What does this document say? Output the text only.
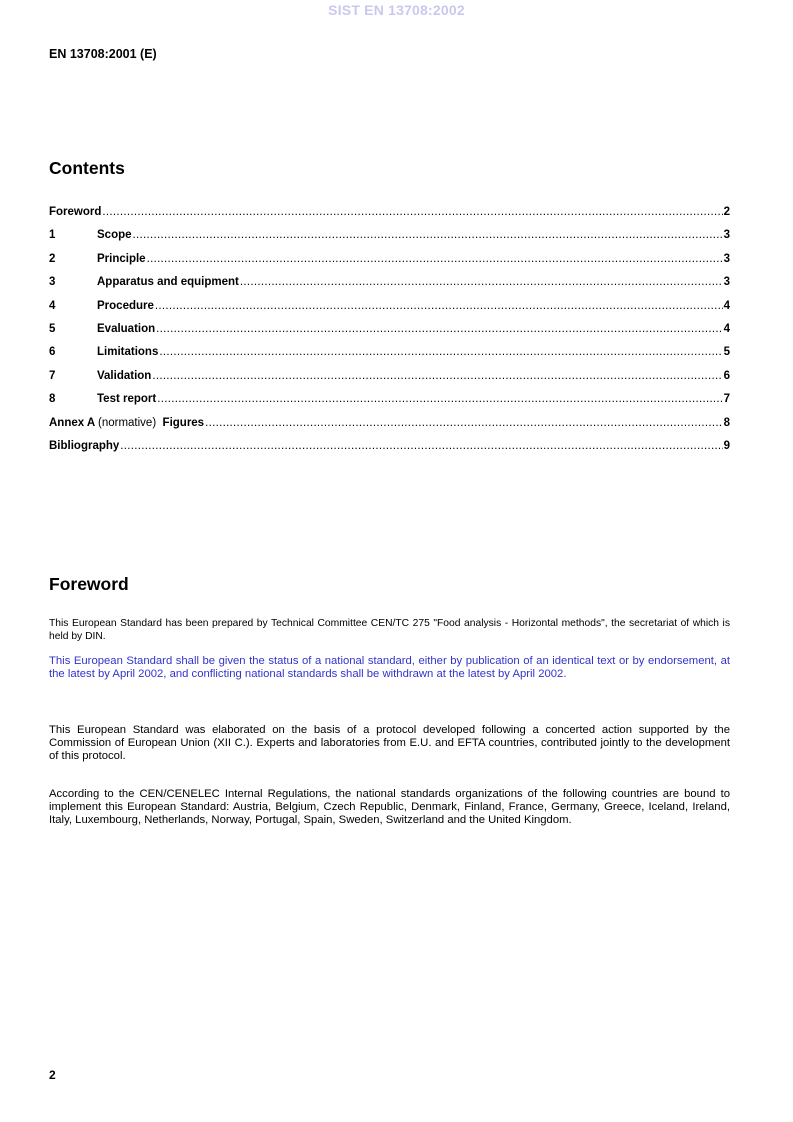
SIST EN 13708:2002
EN 13708:2001 (E)
Contents
Foreword .....	2
1	Scope .....	3
2	Principle .....	3
3	Apparatus and equipment .....	3
4	Procedure .....	4
5	Evaluation .....	4
6	Limitations .....	5
7	Validation .....	6
8	Test report .....	7
Annex A (normative) Figures .....	8
Bibliography .....	9
Foreword

This European Standard has been prepared by Technical Committee CEN/TC 275 "Food analysis - Horizontal methods", the secretariat of which is held by DIN.

This European Standard shall be given the status of a national standard, either by publication of an identical text or by endorsement, at the latest by April 2002, and conflicting national standards shall be withdrawn at the latest by April 2002.

This European Standard was elaborated on the basis of a protocol developed following a concerted action supported by the Commission of European Union (XII C.). Experts and laboratories from E.U. and EFTA countries, contributed jointly to the development of this protocol.

According to the CEN/CENELEC Internal Regulations, the national standards organizations of the following countries are bound to implement this European Standard: Austria, Belgium, Czech Republic, Denmark, Finland, France, Germany, Greece, Iceland, Ireland, Italy, Luxembourg, Netherlands, Norway, Portugal, Spain, Sweden, Switzerland and the United Kingdom.

2
